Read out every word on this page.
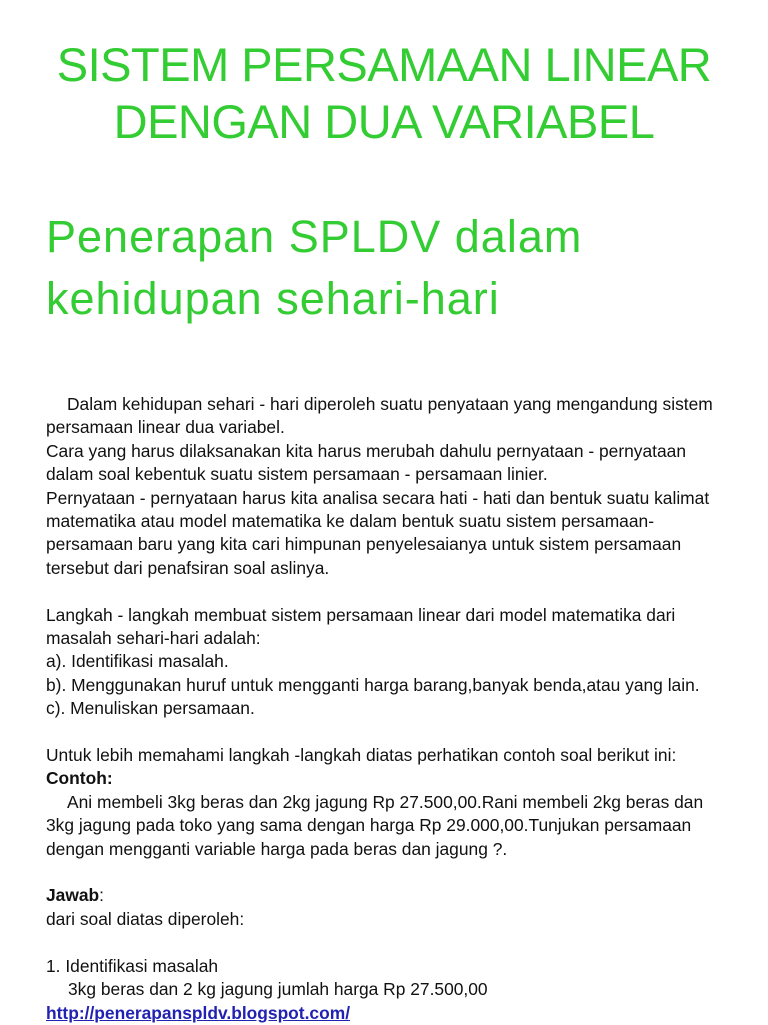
SISTEM PERSAMAAN LINEAR
DENGAN DUA VARIABEL
Penerapan SPLDV dalam
kehidupan sehari-hari

Dalam kehidupan sehari - hari diperoleh suatu penyataan yang mengandung sistem persamaan linear dua variabel.

Cara yang harus dilaksanakan kita harus merubah dahulu pernyataan - pernyataan dalam soal kebentuk suatu sistem persamaan - persamaan linier.

Pernyataan - pernyataan harus kita analisa secara hati - hati dan bentuk suatu kalimat matematika atau model matematika ke dalam bentuk suatu sistem persamaan-persamaan baru yang kita cari himpunan penyelesaianya untuk sistem persamaan tersebut dari penafsiran soal aslinya.

Langkah - langkah membuat sistem persamaan linear dari model matematika dari masalah sehari-hari adalah:

a). Identifikasi masalah.

b). Menggunakan huruf untuk mengganti harga barang,banyak benda,atau yang lain.

c). Menuliskan persamaan.

Untuk lebih memahami langkah -langkah diatas perhatikan contoh soal berikut ini:

Contoh:

Ani membeli 3kg beras dan 2kg jagung Rp 27.500,00.Rani membeli 2kg beras dan 3kg jagung pada toko yang sama dengan harga Rp 29.000,00.Tunjukan persamaan dengan mengganti variable harga pada beras dan jagung ?.

Jawab:

dari soal diatas diperoleh:

1. Identifikasi masalah

3kg beras dan 2 kg jagung jumlah harga Rp 27.500,00

http://penerapanspldv.blogspot.com/
